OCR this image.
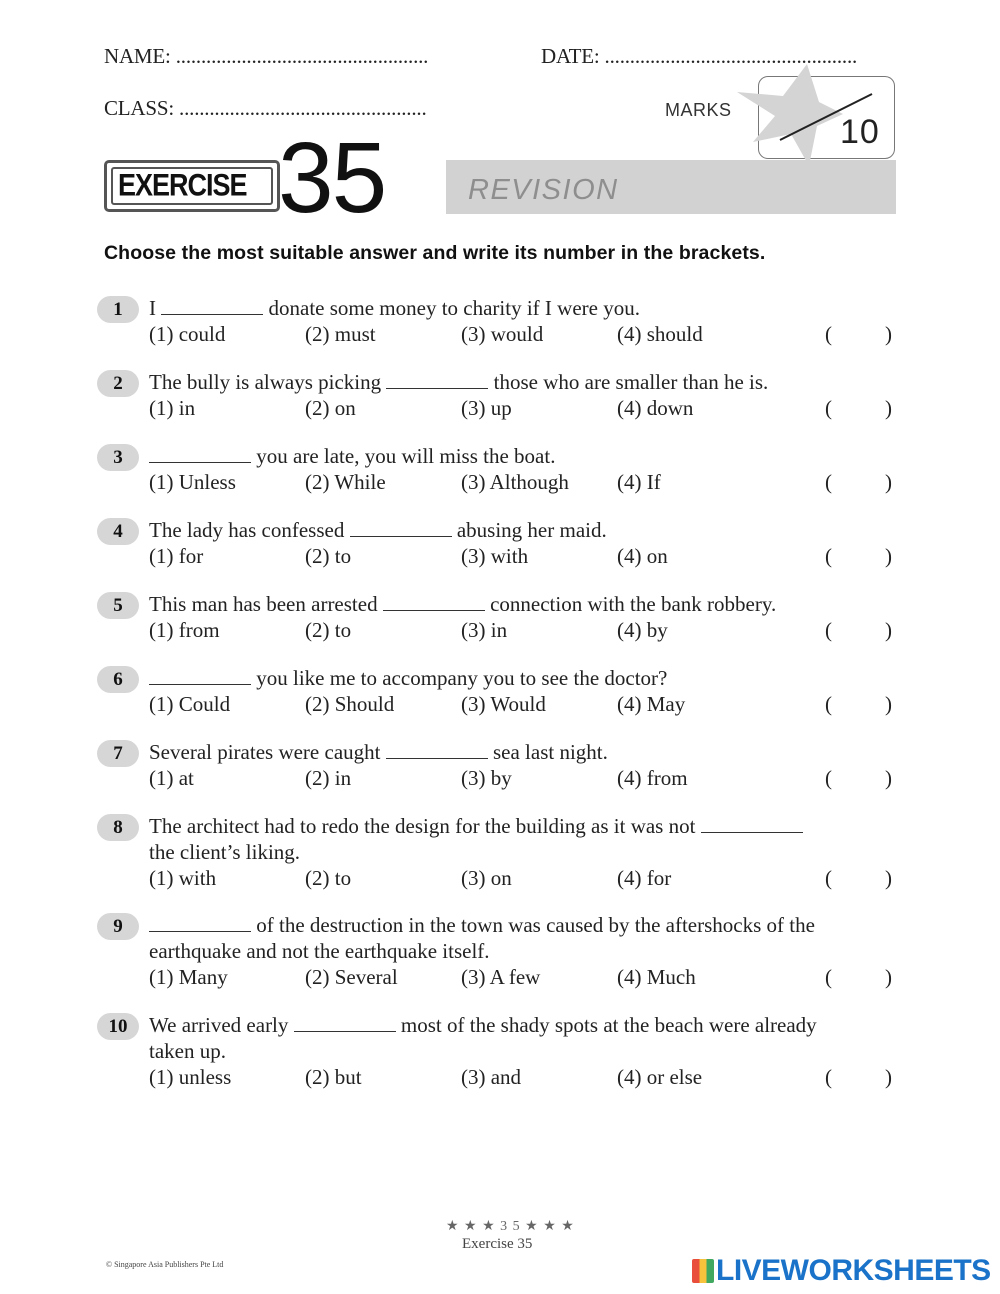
NAME: ..................................................	DATE: ..................................................
CLASS: .................................................	MARKS
10
EXERCISE 35	REVISION
Choose the most suitable answer and write its number in the brackets.
1	I	donate some money to charity if I were you.
(1) could	(2) must	(3) would	(4) should	(	)
2	The bully is always picking	those who are smaller than he is.
(1) in	(2) on	(3) up	(4) down	(	)
3	you are late, you will miss the boat.
(1) Unless	(2) While	(3) Although (4) If	(	)
4	The lady has confessed	abusing her maid.
(1) for	(2) to	(3) with	(4) on	(	)
5	This man has been arrested	connection with the bank robbery.
(1) from	(2) to	(3) in	(4) by	(	)
6	you like me to accompany you to see the doctor?
(1) Could	(2) Should	(3) Would	(4) May	(	)
7	Several pirates were caught	sea last night.
(1) at	(2) in	(3) by	(4) from	(	)
8	The architect had to redo the design for the building as it was not
the client’s liking.
(1) with	(2) to	(3) on	(4) for	(	)
9	of the destruction in the town was caused by the aftershocks of the
earthquake and not the earthquake itself.
(1) Many	(2) Several	(3) A few	(4) Much	(	)
10	We arrived early	most of the shady spots at the beach were already
taken up.
(1) unless	(2) but	(3) and	(4) or else	(	)
★ ★ ★ 3 5 ★ ★ ★
Exercise 35
© Singapore Asia Publishers Pte Ltd	LIVEWORKSHEETS
